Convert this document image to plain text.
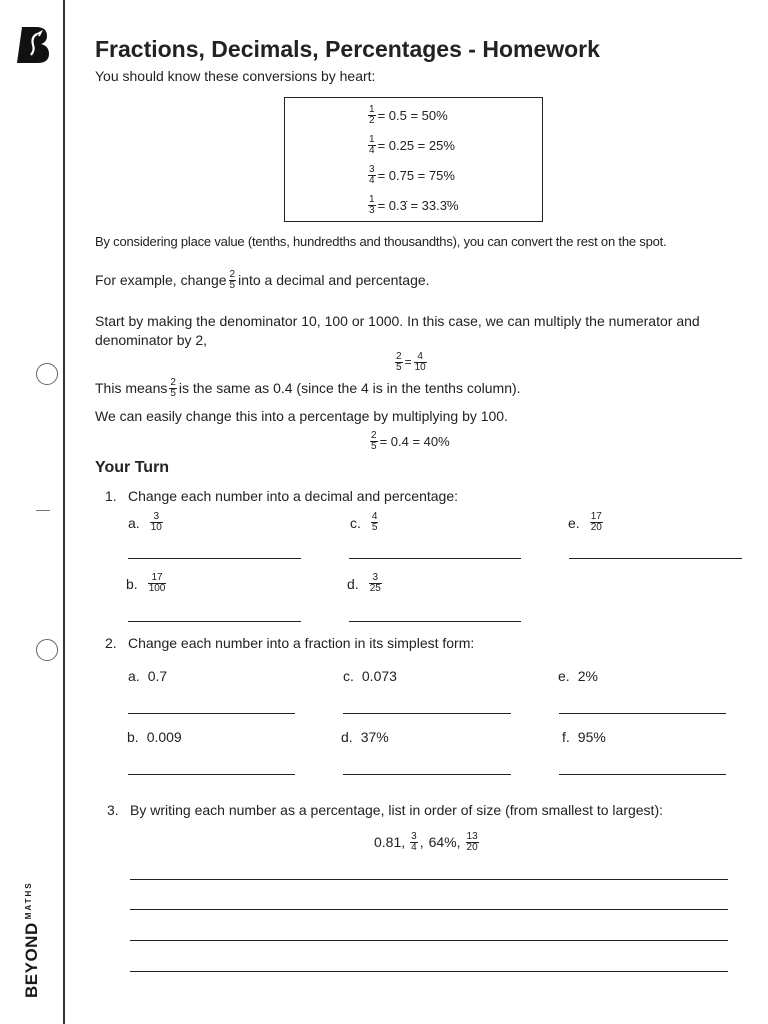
$BEYOND^{MATHS}$
Fractions, Decimals, Percentages - Homework
You should know these conversions by heart:
$\frac{1}{2} = 0.5 = 50\%$
$\frac{1}{4} = 0.25 = 25\%$
$\frac{3}{4} = 0.75 = 75\%$
$\frac{1}{3}$ = 0.3̇ = 33.3̇%
By considering place value (tenths, hundredths and thousandths), you can convert the rest on the spot.
For example, change $\frac{2}{5}$ into a decimal and percentage.
Start by making the denominator 10, 100 or 1000. In this case, we can multiply the numerator and
denominator by 2,
$\frac{2}{5} = \frac{4}{10}$
This means $\frac{2}{5}$ is the same as 0.4 (since the 4 is in the tenths column).
We can easily change this into a percentage by multiplying by 100.
$\frac{2}{5} = 0.4 = 40\%$
Your Turn
1. Change each number into a decimal and percentage:
a. $\frac{3}{10}$	c. $\frac{4}{5}$	e. $\frac{17}{20}$
b. $\frac{17}{100}$	d. $\frac{3}{25}$
2. Change each number into a fraction in its simplest form:
a. 0.7	c. 0.073	e. 2%
b. 0.009	d. 37%	f. 95%
3. By writing each number as a percentage, list in order of size (from smallest to largest):
0.81, $\frac{3}{4}$ , 64%, $\frac{13}{20}$
